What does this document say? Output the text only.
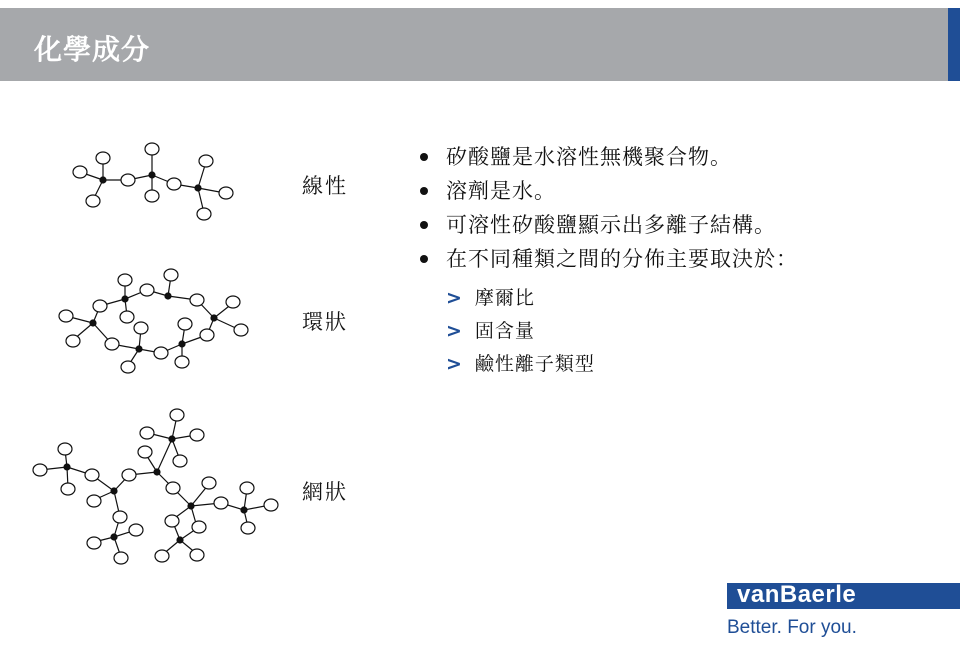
化學成分
線性
環狀
網狀
矽酸鹽是水溶性無機聚合物。
溶劑是水。
可溶性矽酸鹽顯示出多離子結構。
在不同種類之間的分佈主要取決於：
> 摩爾比
> 固含量
> 鹼性離子類型
vanBaerle
Better. For you.
